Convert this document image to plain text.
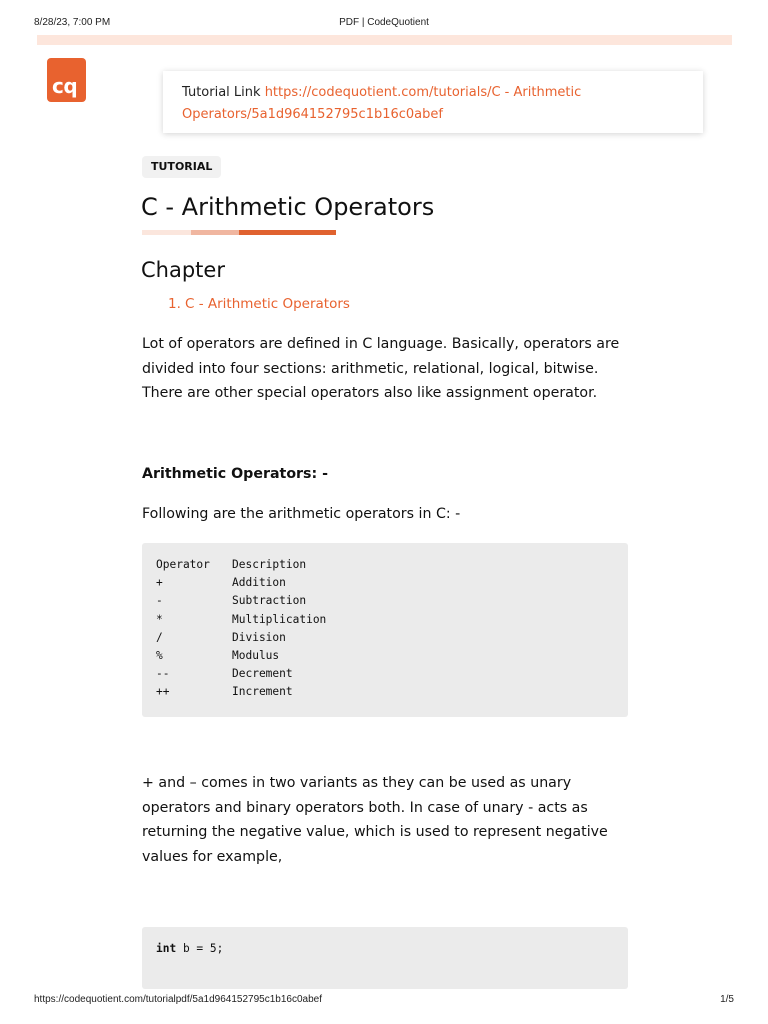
8/28/23, 7:00 PM	PDF | CodeQuotient
cq	Tutorial Link https://codequotient.com/tutorials/C - Arithmetic
Operators/5a1d964152795c1b16c0abef
TUTORIAL
C - Arithmetic Operators
Chapter
1. C - Arithmetic Operators

Lot of operators are defined in C language. Basically, operators are divided into four sections: arithmetic, relational, logical, bitwise. There are other special operators also like assignment operator.

Arithmetic Operators: -

Following are the arithmetic operators in C: -

Operator Description
+	Addition
-	Subtraction
*	Multiplication
/	Division
%	Modulus
--	Decrement
++	Increment

+ and – comes in two variants as they can be used as unary operators and binary operators both. In case of unary - acts as returning the negative value, which is used to represent negative values for example,

int b = 5;
https://codequotient.com/tutorialpdf/5a1d964152795c1b16c0abef	1/5
